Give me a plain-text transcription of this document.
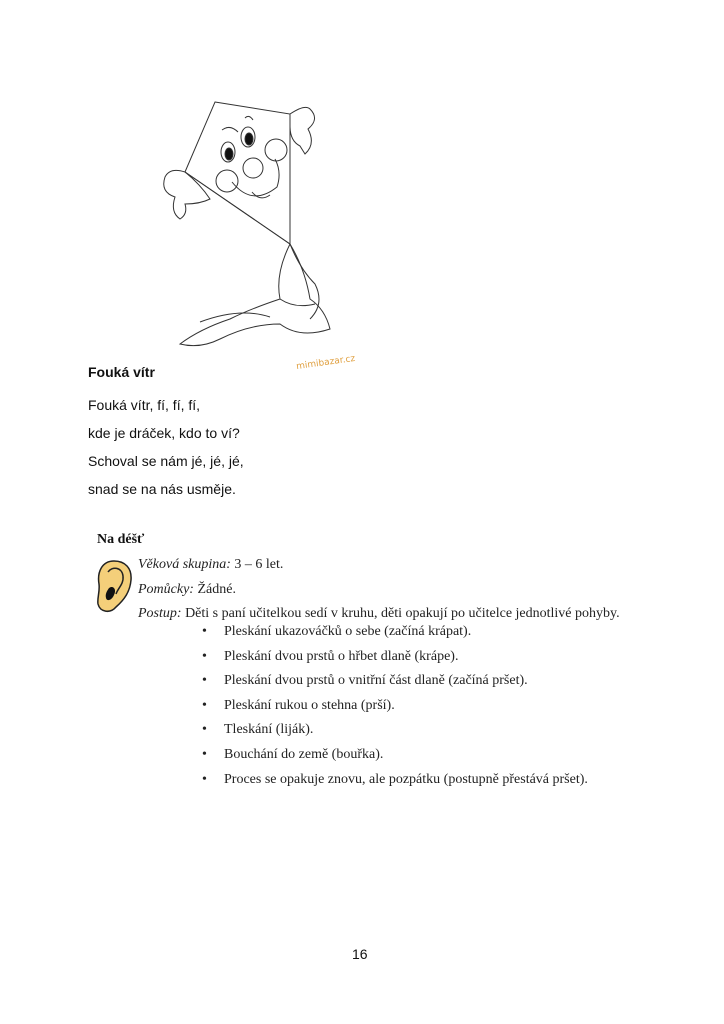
mimibazar.cz
Fouká vítr
Fouká vítr, fí, fí, fí,
kde je dráček, kdo to ví?
Schoval se nám jé, jé, jé,
snad se na nás usměje.
Na déšť
Věková skupina: 3 – 6 let.
Pomůcky: Žádné.
Postup: Děti s paní učitelkou sedí v kruhu, děti opakují po učitelce jednotlivé pohyby.
• Pleskání ukazováčků o sebe (začíná krápat).
• Pleskání dvou prstů o hřbet dlaně (krápe).
• Pleskání dvou prstů o vnitřní část dlaně (začíná pršet).
• Pleskání rukou o stehna (prší).
• Tleskání (liják).
• Bouchání do země (bouřka).
• Proces se opakuje znovu, ale pozpátku (postupně přestává pršet).
16
